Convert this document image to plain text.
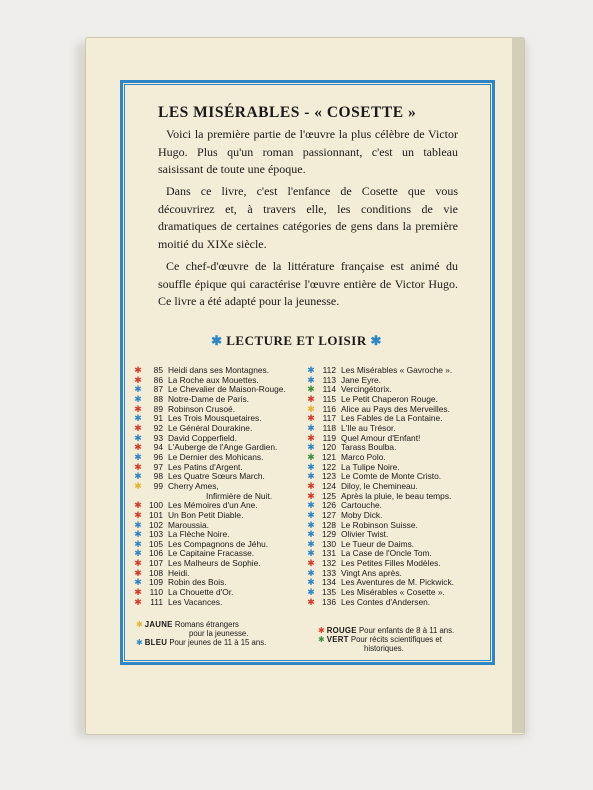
LES MISÉRABLES - « COSETTE »
Voici la première partie de l'œuvre la plus célèbre de Victor Hugo. Plus qu'un roman passionnant, c'est un tableau saisissant de toute une époque.
Dans ce livre, c'est l'enfance de Cosette que vous découvrirez et, à travers elle, les conditions de vie dramatiques de certaines catégories de gens dans la première moitié du XIXe siècle.
Ce chef-d'œuvre de la littérature française est animé du souffle épique qui caractérise l'œuvre entière de Victor Hugo. Ce livre a été adapté pour la jeunesse.
✱ LECTURE ET LOISIR ✱
✱ 85 Heidi dans ses Montagnes.
✱ 86 La Roche aux Mouettes.
✱ 87 Le Chevalier de Maison-Rouge.
✱ 88 Notre-Dame de Paris.
✱ 89 Robinson Crusoé.
✱ 91 Les Trois Mousquetaires.
✱ 92 Le Général Dourakine.
✱ 93 David Copperfield.
✱ 94 L'Auberge de l'Ange Gardien.
✱ 96 Le Dernier des Mohicans.
✱ 97 Les Patins d'Argent.
✱ 98 Les Quatre Sœurs March.
✱ 99 Cherry Ames,
Infirmière de Nuit.
✱ 100 Les Mémoires d'un Ane.
✱ 101 Un Bon Petit Diable.
✱ 102 Maroussia.
✱ 103 La Flèche Noire.
✱ 105 Les Compagnons de Jéhu.
✱ 106 Le Capitaine Fracasse.
✱ 107 Les Malheurs de Sophie.
✱ 108 Heidi.
✱ 109 Robin des Bois.
✱ 110 La Chouette d'Or.
✱ 111 Les Vacances.
✱ 112 Les Misérables « Gavroche ».
✱ 113 Jane Eyre.
✱ 114 Vercingétorix.
✱ 115 Le Petit Chaperon Rouge.
✱ 116 Alice au Pays des Merveilles.
✱ 117 Les Fables de La Fontaine.
✱ 118 L'Ile au Trésor.
✱ 119 Quel Amour d'Enfant!
✱ 120 Tarass Boulba.
✱ 121 Marco Polo.
✱ 122 La Tulipe Noire.
✱ 123 Le Comte de Monte Cristo.
✱ 124 Diloy, le Chemineau.
✱ 125 Après la pluie, le beau temps.
✱ 126 Cartouche.
✱ 127 Moby Dick.
✱ 128 Le Robinson Suisse.
✱ 129 Olivier Twist.
✱ 130 Le Tueur de Daims.
✱ 131 La Case de l'Oncle Tom.
✱ 132 Les Petites Filles Modèles.
✱ 133 Vingt Ans après.
✱ 134 Les Aventures de M. Pickwick.
✱ 135 Les Misérables « Cosette ».
✱ 136 Les Contes d'Andersen.
✱ JAUNE Romans étrangers
pour la jeunesse.
✱ BLEU Pour jeunes de 11 à 15 ans.
✱ ROUGE Pour enfants de 8 à 11 ans.
✱ VERT Pour récits scientifiques et
historiques.
